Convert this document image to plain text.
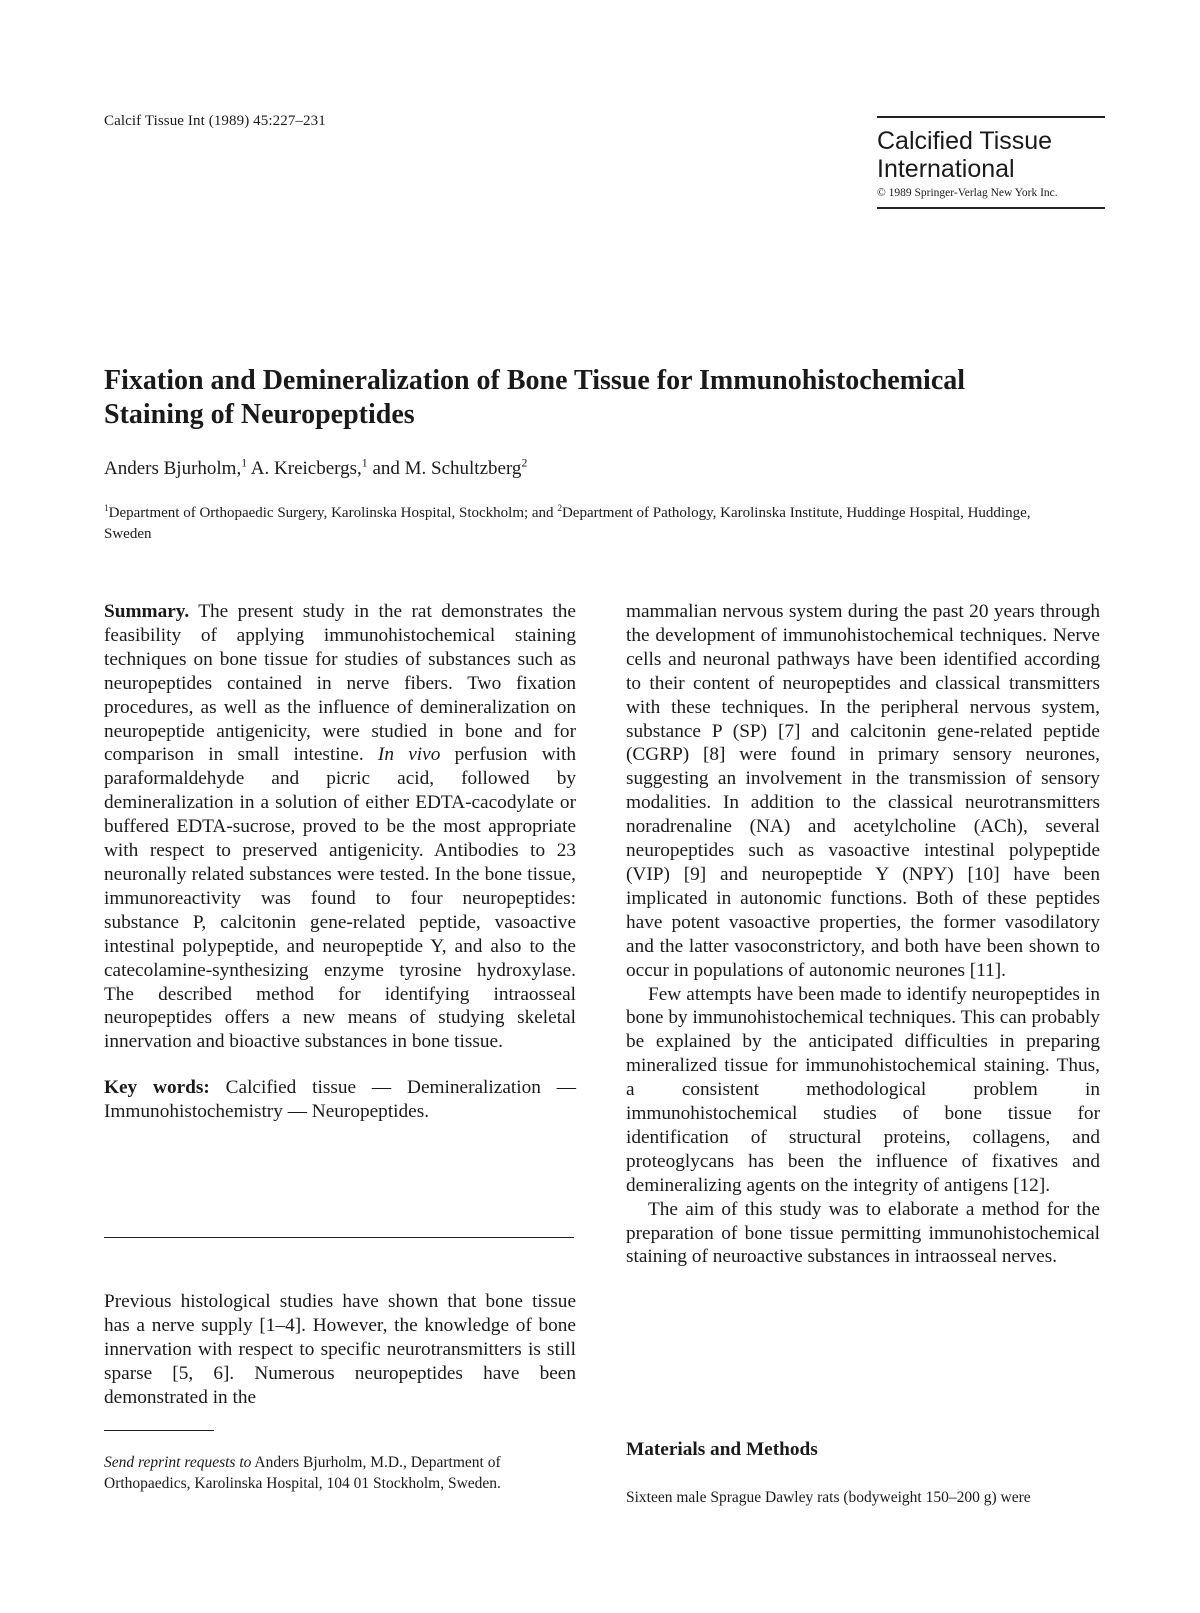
Calcif Tissue Int (1989) 45:227–231
Calcified Tissue
International
© 1989 Springer-Verlag New York Inc.
Fixation and Demineralization of Bone Tissue for Immunohistochemical Staining of Neuropeptides
Anders Bjurholm,$^1$ A. Kreicbergs,$^1$ and M. Schultzberg$^2$
$^1$Department of Orthopaedic Surgery, Karolinska Hospital, Stockholm; and $^2$Department of Pathology, Karolinska Institute, Huddinge Hospital, Huddinge, Sweden

Summary. The present study in the rat demonstrates the feasibility of applying immunohistochemical staining techniques on bone tissue for studies of substances such as neuropeptides contained in nerve fibers. Two fixation procedures, as well as the influence of demineralization on neuropeptide antigenicity, were studied in bone and for comparison in small intestine. In vivo perfusion with paraformaldehyde and picric acid, followed by demineralization in a solution of either EDTA-cacodylate or buffered EDTA-sucrose, proved to be the most appropriate with respect to preserved antigenicity. Antibodies to 23 neuronally related substances were tested. In the bone tissue, immunoreactivity was found to four neuropeptides: substance P, calcitonin gene-related peptide, vasoactive intestinal polypeptide, and neuropeptide Y, and also to the catecolamine-synthesizing enzyme tyrosine hydroxylase. The described method for identifying intraosseal neuropeptides offers a new means of studying skeletal innervation and bioactive substances in bone tissue.

Key words: Calcified tissue — Demineralization — Immunohistochemistry — Neuropeptides.

Previous histological studies have shown that bone tissue has a nerve supply [1–4]. However, the knowledge of bone innervation with respect to specific neurotransmitters is still sparse [5, 6]. Numerous neuropeptides have been demonstrated in the

Send reprint requests to Anders Bjurholm, M.D., Department of Orthopaedics, Karolinska Hospital, 104 01 Stockholm, Sweden.

mammalian nervous system during the past 20 years through the development of immunohistochemical techniques. Nerve cells and neuronal pathways have been identified according to their content of neuropeptides and classical transmitters with these techniques. In the peripheral nervous system, substance P (SP) [7] and calcitonin gene-related peptide (CGRP) [8] were found in primary sensory neurones, suggesting an involvement in the transmission of sensory modalities. In addition to the classical neurotransmitters noradrenaline (NA) and acetylcholine (ACh), several neuropeptides such as vasoactive intestinal polypeptide (VIP) [9] and neuropeptide Y (NPY) [10] have been implicated in autonomic functions. Both of these peptides have potent vasoactive properties, the former vasodilatory and the latter vasoconstrictory, and both have been shown to occur in populations of autonomic neurones [11].

Few attempts have been made to identify neuropeptides in bone by immunohistochemical techniques. This can probably be explained by the anticipated difficulties in preparing mineralized tissue for immunohistochemical staining. Thus, a consistent methodological problem in immunohistochemical studies of bone tissue for identification of structural proteins, collagens, and proteoglycans has been the influence of fixatives and demineralizing agents on the integrity of antigens [12].

The aim of this study was to elaborate a method for the preparation of bone tissue permitting immunohistochemical staining of neuroactive substances in intraosseal nerves.

Materials and Methods

Sixteen male Sprague Dawley rats (bodyweight 150–200 g) were
